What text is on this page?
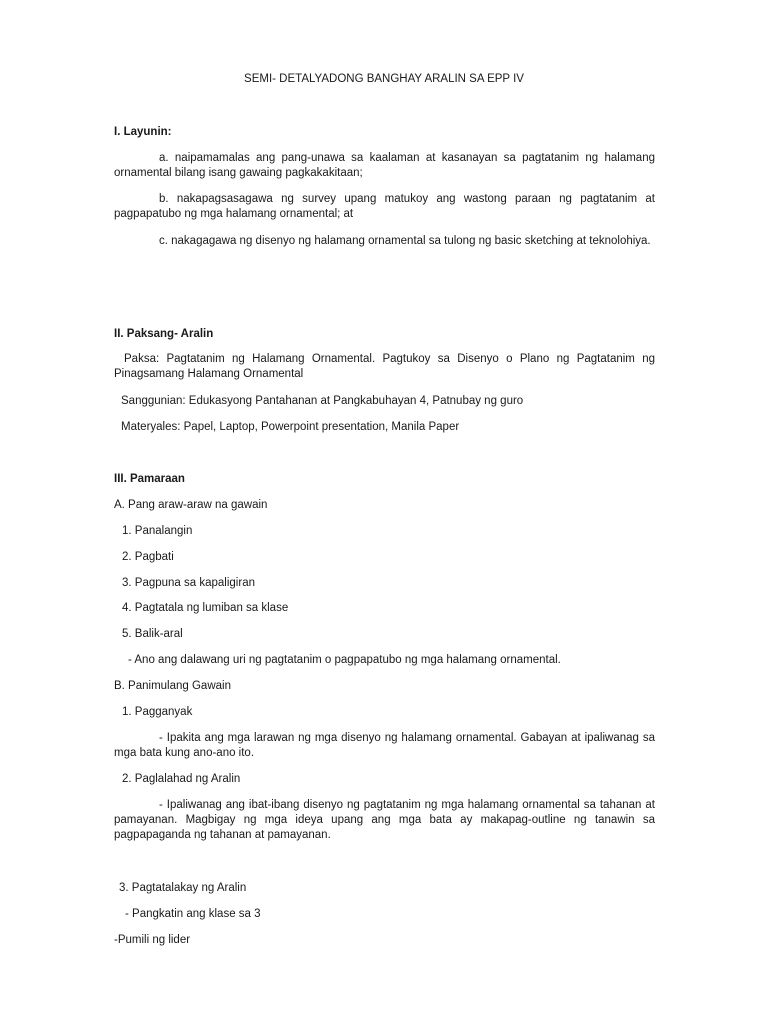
SEMI- DETALYADONG BANGHAY ARALIN SA EPP IV

I. Layunin:

a. naipamamalas ang pang-unawa sa kaalaman at kasanayan sa pagtatanim ng halamang ornamental bilang isang gawaing pagkakakitaan;

b. nakapagsasagawa ng survey upang matukoy ang wastong paraan ng pagtatanim at pagpapatubo ng mga halamang ornamental; at

c. nakagagawa ng disenyo ng halamang ornamental sa tulong ng basic sketching at teknolohiya.

II. Paksang- Aralin

Paksa: Pagtatanim ng Halamang Ornamental. Pagtukoy sa Disenyo o Plano ng Pagtatanim ng Pinagsamang Halamang Ornamental

Sanggunian: Edukasyong Pantahanan at Pangkabuhayan 4, Patnubay ng guro

Materyales: Papel, Laptop, Powerpoint presentation, Manila Paper

III. Pamaraan

A. Pang araw-araw na gawain

1. Panalangin

2. Pagbati

3. Pagpuna sa kapaligiran

4. Pagtatala ng lumiban sa klase

5. Balik-aral

- Ano ang dalawang uri ng pagtatanim o pagpapatubo ng mga halamang ornamental.

B. Panimulang Gawain

1. Pagganyak

- Ipakita ang mga larawan ng mga disenyo ng halamang ornamental. Gabayan at ipaliwanag sa mga bata kung ano-ano ito.

2. Paglalahad ng Aralin

- Ipaliwanag ang ibat-ibang disenyo ng pagtatanim ng mga halamang ornamental sa tahanan at pamayanan. Magbigay ng mga ideya upang ang mga bata ay makapag-outline ng tanawin sa pagpapaganda ng tahanan at pamayanan.

3. Pagtatalakay ng Aralin

- Pangkatin ang klase sa 3

-Pumili ng lider
